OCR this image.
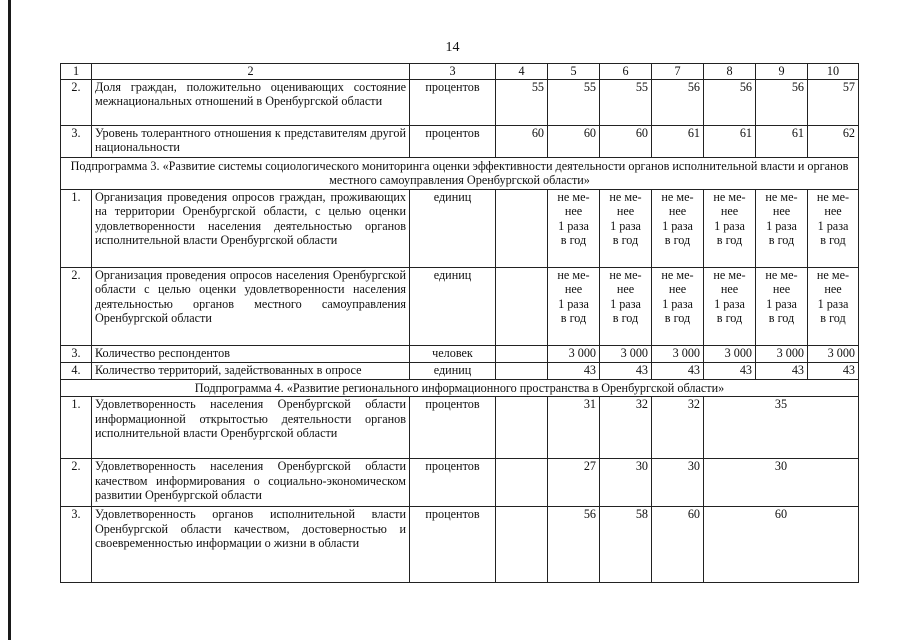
14
1	2	3	4	5	6	7	8	9	10
2.	Доля граждан, положительно оценивающих состояние межнациональных отношений в Оренбургской области	процентов	55	55	55	56	56	56	57
3.	Уровень толерантного отношения к представителям другой национальности	процентов	60	60	60	61	61	61	62
Подпрограмма 3. «Развитие системы социологического мониторинга оценки эффективности деятельности органов исполнительной власти и органов местного самоуправления Оренбургской области»									
1.	Организация проведения опросов граждан, проживающих на территории Оренбургской области, с целью оценки удовлетворенности населения деятельностью органов исполнительной власти Оренбургской области	единиц		не ме-
нее
1 раза
в год	не ме-
нее
1 раза
в год	не ме-
нее
1 раза
в год	не ме-
нее
1 раза
в год	не ме-
нее
1 раза
в год	не ме-
нее
1 раза
в год

2.	Организация проведения опросов населения Оренбургской области с целью оценки удовлетворенности населения деятельностью органов местного самоуправления Оренбургской области	единиц		не ме-
нее
1 раза
в год	не ме-
нее
1 раза
в год	не ме-
нее
1 раза
в год	не ме-
нее
1 раза
в год	не ме-
нее
1 раза
в год	не ме-
нее
1 раза
в год

3.	Количество респондентов	человек		3 000	3 000	3 000	3 000	3 000	3 000
4.	Количество территорий, задействованных в опросе	единиц		43	43	43	43	43	43
Подпрограмма 4. «Развитие регионального информационного пространства в Оренбургской области»									
1.	Удовлетворенность населения Оренбургской области информационной открытостью деятельности органов исполнительной власти Оренбургской области	процентов		31	32	32	35		
2.	Удовлетворенность населения Оренбургской области качеством информирования о социально-экономическом развитии Оренбургской области	процентов		27	30	30	30		
3.	Удовлетворенность органов исполнительной власти Оренбургской области качеством, достоверностью и своевременностью информации о жизни в области	процентов		56	58	60	60		
